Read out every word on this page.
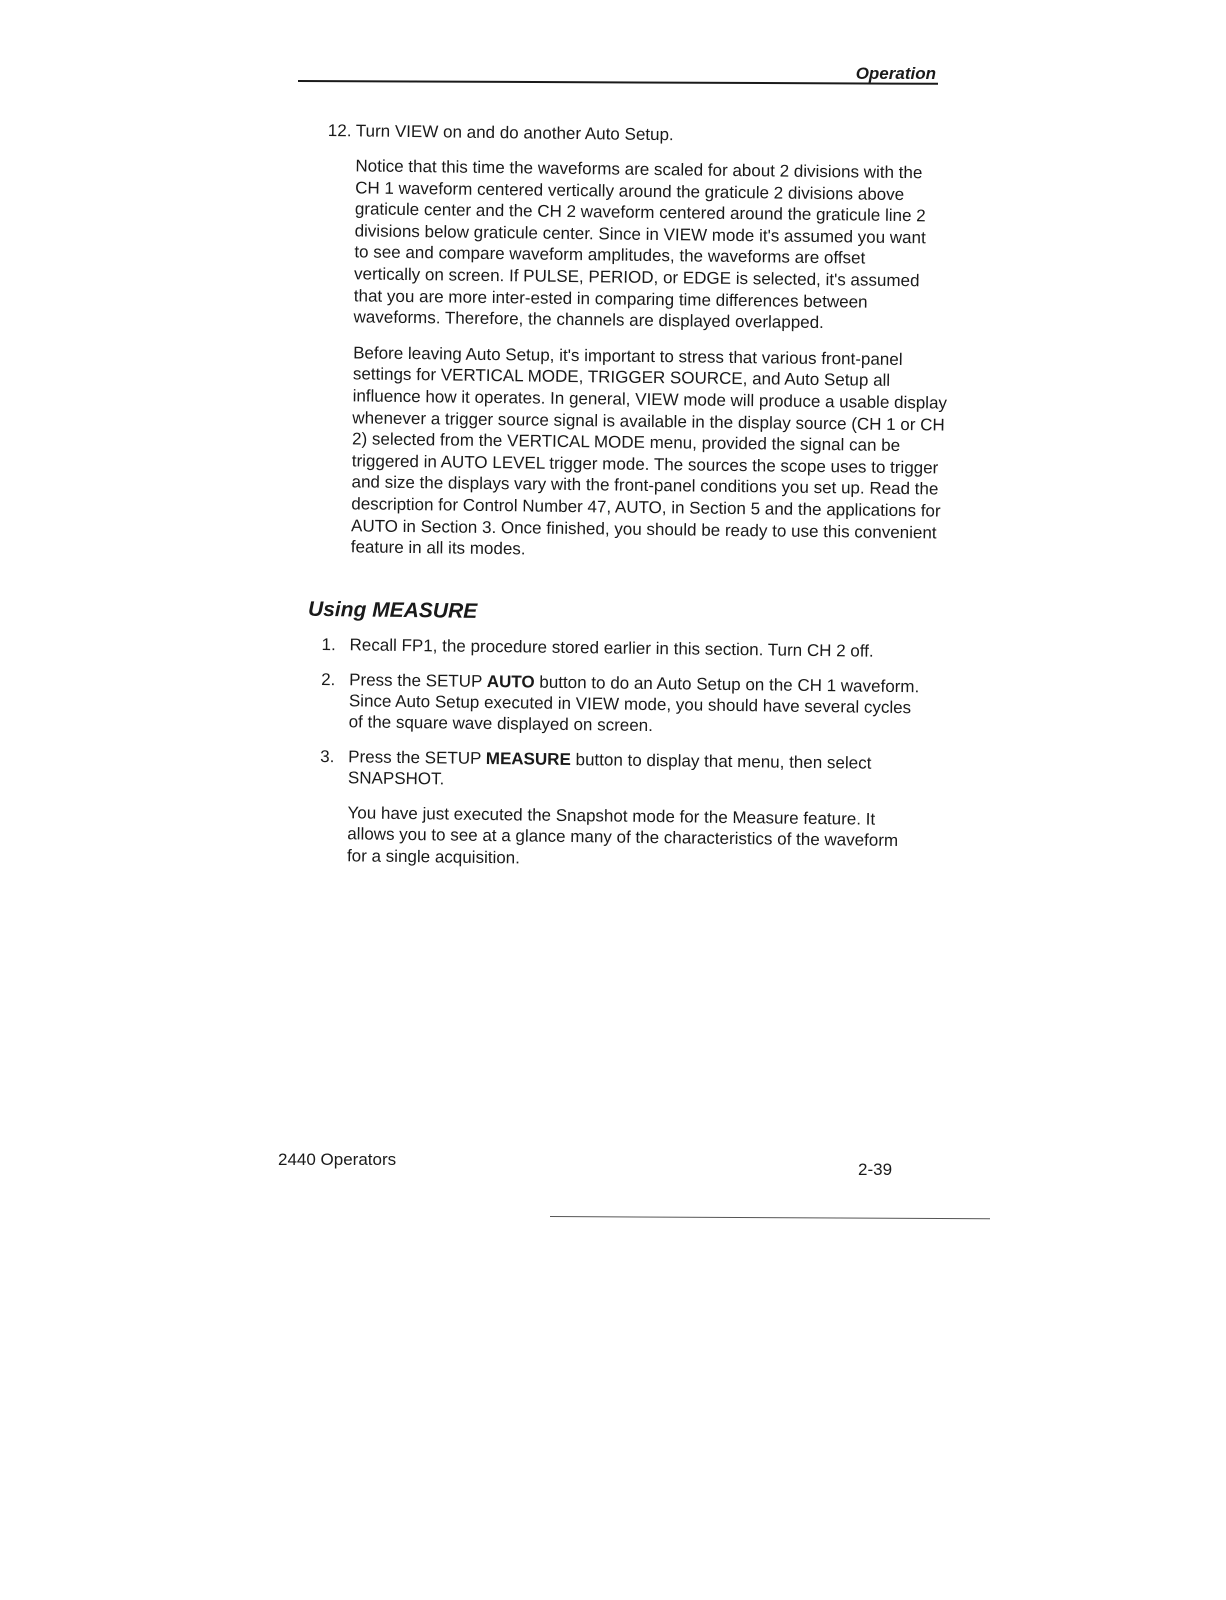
Operation
12. Turn VIEW on and do another Auto Setup.

Notice that this time the waveforms are scaled for about 2 divisions with the CH 1 waveform centered vertically around the graticule 2 divisions above graticule center and the CH 2 waveform centered around the graticule line 2 divisions below graticule center. Since in VIEW mode it's assumed you want to see and compare waveform amplitudes, the waveforms are offset vertically on screen. If PULSE, PERIOD, or EDGE is selected, it's assumed that you are more inter-ested in comparing time differences between waveforms. Therefore, the channels are displayed overlapped.

Before leaving Auto Setup, it's important to stress that various front-panel settings for VERTICAL MODE, TRIGGER SOURCE, and Auto Setup all influence how it operates. In general, VIEW mode will produce a usable display whenever a trigger source signal is available in the display source (CH 1 or CH 2) selected from the VERTICAL MODE menu, provided the signal can be triggered in AUTO LEVEL trigger mode. The sources the scope uses to trigger and size the displays vary with the front-panel conditions you set up. Read the description for Control Number 47, AUTO, in Section 5 and the applications for AUTO in Section 3. Once finished, you should be ready to use this convenient feature in all its modes.

Using MEASURE
1. Recall FP1, the procedure stored earlier in this section. Turn CH 2 off.
2. Press the SETUP AUTO button to do an Auto Setup on the CH 1 waveform. Since Auto Setup executed in VIEW mode, you should have several cycles of the square wave displayed on screen.
3. Press the SETUP MEASURE button to display that menu, then select SNAPSHOT.

You have just executed the Snapshot mode for the Measure feature. It allows you to see at a glance many of the characteristics of the waveform for a single acquisition.

2440 Operators
2-39
